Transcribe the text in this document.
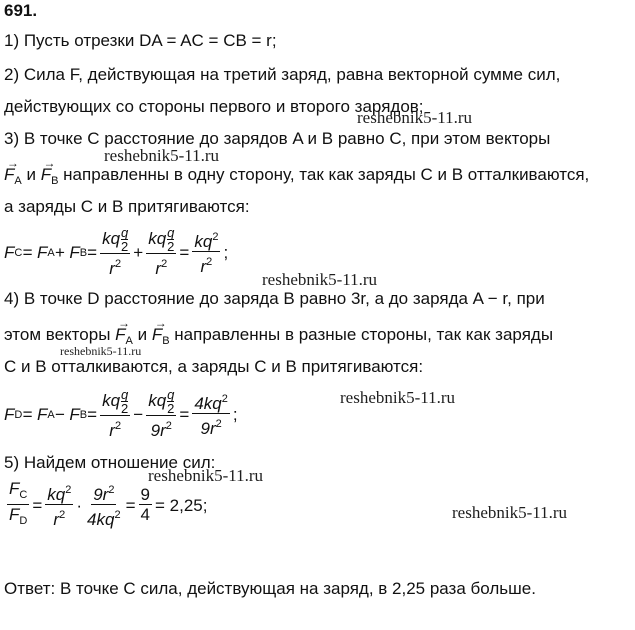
691.
1) Пусть отрезки DA = AC = CB = r;
2) Сила F, действующая на третий заряд, равна векторной сумме сил,
действующих со стороны первого и второго зарядов;
3) В точке C расстояние до зарядов A и B равно C, при этом векторы
→ $F_A$ $и \to F_B$ направленны в одну сторону, так как заряды C и B отталкиваются,
а заряды C и B притягиваются:
F C = F A + F $B = \frac{kq \frac{q}{2}}{r^2} + \frac{kq \frac{q}{2}}{r^2} = \frac{kq^2}{r^2}$ ;
4) В точке D расстояние до заряда B равно 3r, а до заряда A − r, при
этом векторы → $F_A$ $и \to F_B$ направленны в разные стороны, так как заряды
C и B отталкиваются, а заряды C и B притягиваются:
F D = F A − F $B = \frac{kq \frac{q}{2}}{r^2} - \frac{kq \frac{q}{2}}{9r^2} = \frac{4kq^2}{9r^2}$ ;
5) Найдем отношение сил:
$\frac{F_C}{F_D} = \frac{kq^2}{r^2} \cdot \frac{9r^2}{4kq^2} = \frac{9}{4} = 2,25$;
Ответ: В точке C сила, действующая на заряд, в 2,25 раза больше.
reshebnik5-11.ru
reshebnik5-11.ru
reshebnik5-11.ru
reshebnik5-11.ru
reshebnik5-11.ru
reshebnik5-11.ru
reshebnik5-11.ru
